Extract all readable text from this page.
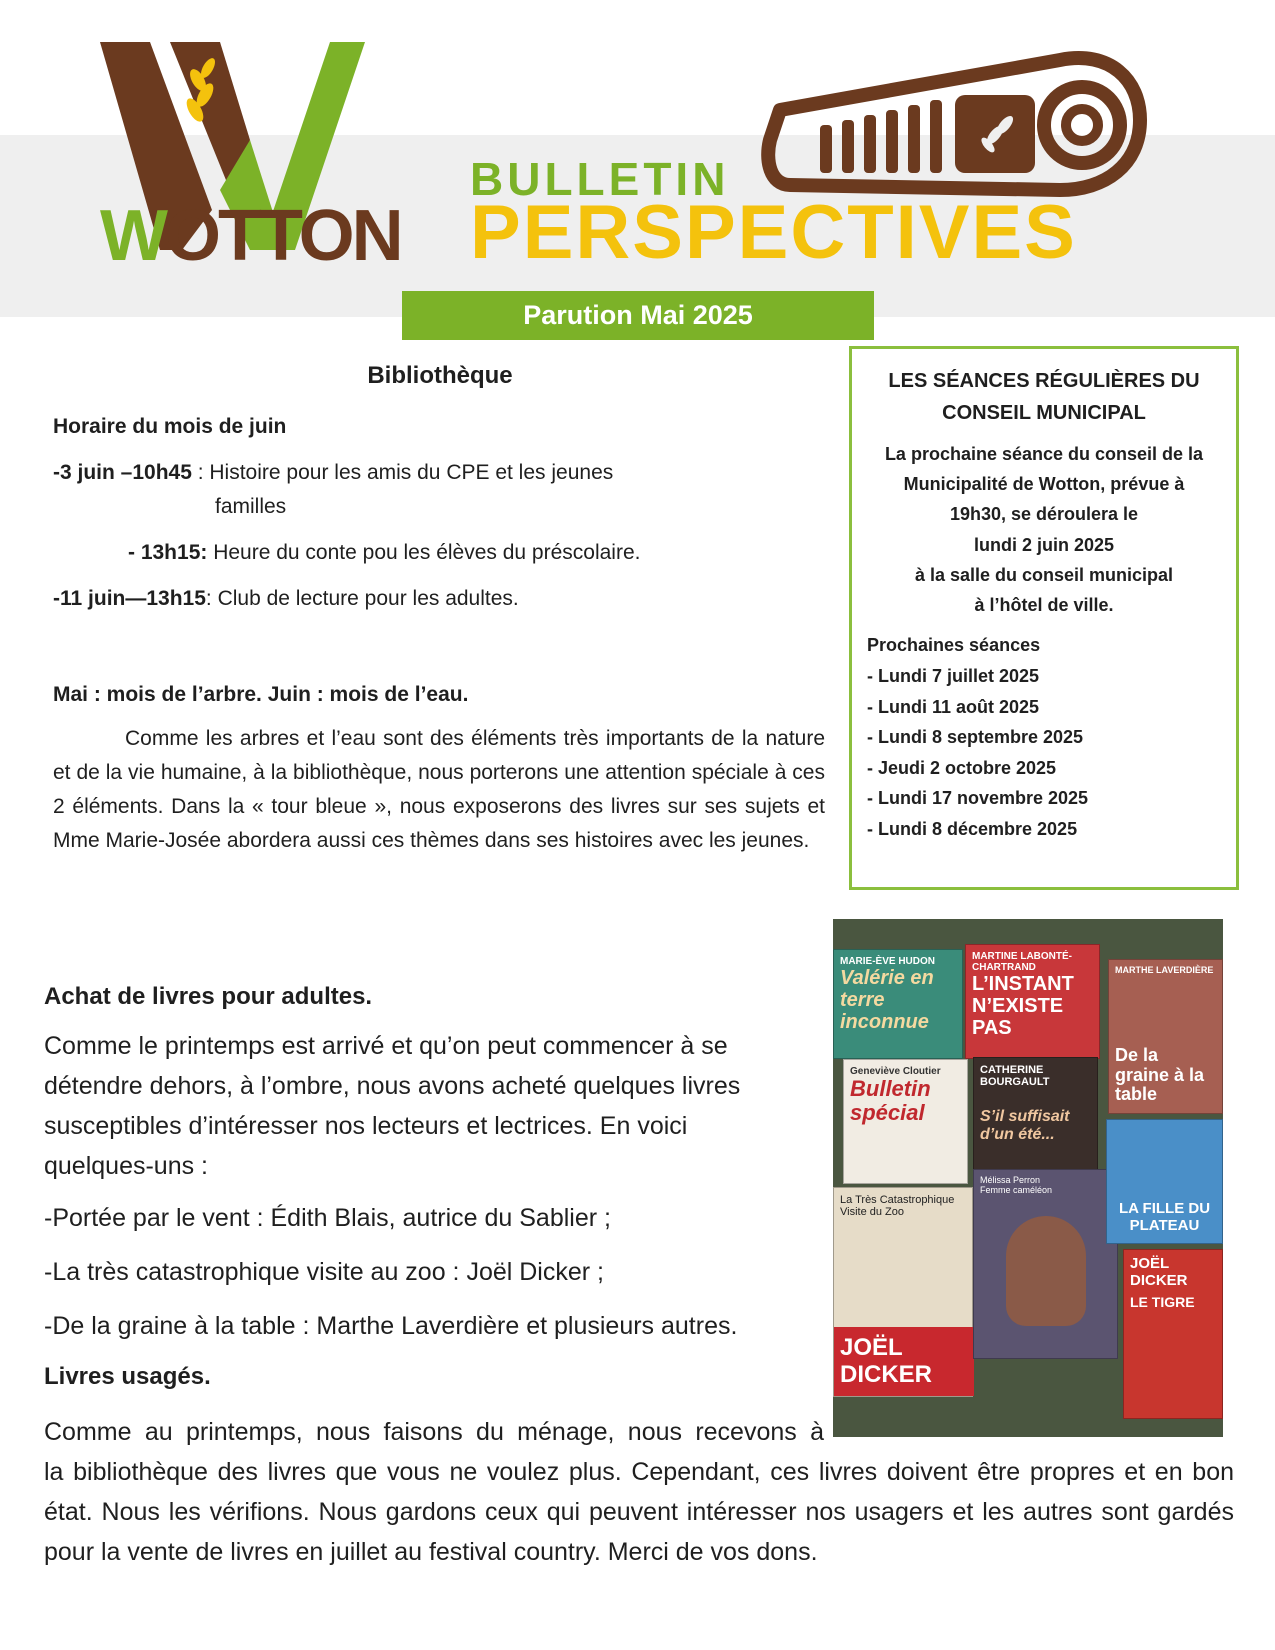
WOTTON
BULLETIN
PERSPECTIVES
Parution Mai 2025
Bibliothèque

Horaire du mois de juin

-3 juin –10h45 : Histoire pour les amis du CPE et les jeunes

familles

- 13h15: Heure du conte pou les élèves du préscolaire.

-11 juin—13h15: Club de lecture pour les adultes.

Mai : mois de l’arbre. Juin : mois de l’eau.

Comme les arbres et l’eau sont des éléments très importants de la nature et de la vie humaine, à la bibliothèque, nous porterons une attention spéciale à ces 2 éléments. Dans la « tour bleue », nous exposerons des livres sur ses sujets et Mme Marie-Josée abordera aussi ces thèmes dans ses histoires avec les jeunes.

LES SÉANCES RÉGULIÈRES DU
CONSEIL MUNICIPAL
La prochaine séance du conseil de la
Municipalité de Wotton, prévue à
19h30, se déroulera le
lundi 2 juin 2025
à la salle du conseil municipal
à l’hôtel de ville.
Prochaines séances
- Lundi 7 juillet 2025
- Lundi 11 août 2025
- Lundi 8 septembre 2025
- Jeudi 2 octobre 2025
- Lundi 17 novembre 2025
- Lundi 8 décembre 2025
MARIE-ÈVE HUDON
Valérie en terre inconnue
MARTINE LABONTÉ-CHARTRAND
L’INSTANT N’EXISTE PAS
MARTHE LAVERDIÈRE
De la graine à la table
Geneviève Cloutier
Bulletin spécial
CATHERINE BOURGAULT
S’il suffisait d’un été...
La Très Catastrophique Visite du Zoo
JOËL DICKER
Mélissa Perron
Femme caméléon
LA FILLE DU PLATEAU
JOËL DICKER
LE TIGRE

Achat de livres pour adultes.

Comme le printemps est arrivé et qu’on peut commencer à se détendre dehors, à l’ombre, nous avons acheté quelques livres susceptibles d’intéresser nos lecteurs et lectrices. En voici quelques-uns :

-Portée par le vent : Édith Blais, autrice du Sablier ;

-La très catastrophique visite au zoo : Joël Dicker ;

-De la graine à la table : Marthe Laverdière et plusieurs autres.

Livres usagés.

Comme au printemps, nous faisons du ménage, nous recevons à

la bibliothèque des livres que vous ne voulez plus. Cependant, ces livres doivent être propres et en bon état. Nous les vérifions. Nous gardons ceux qui peuvent intéresser nos usagers et les autres sont gardés pour la vente de livres en juillet au festival country. Merci de vos dons.
